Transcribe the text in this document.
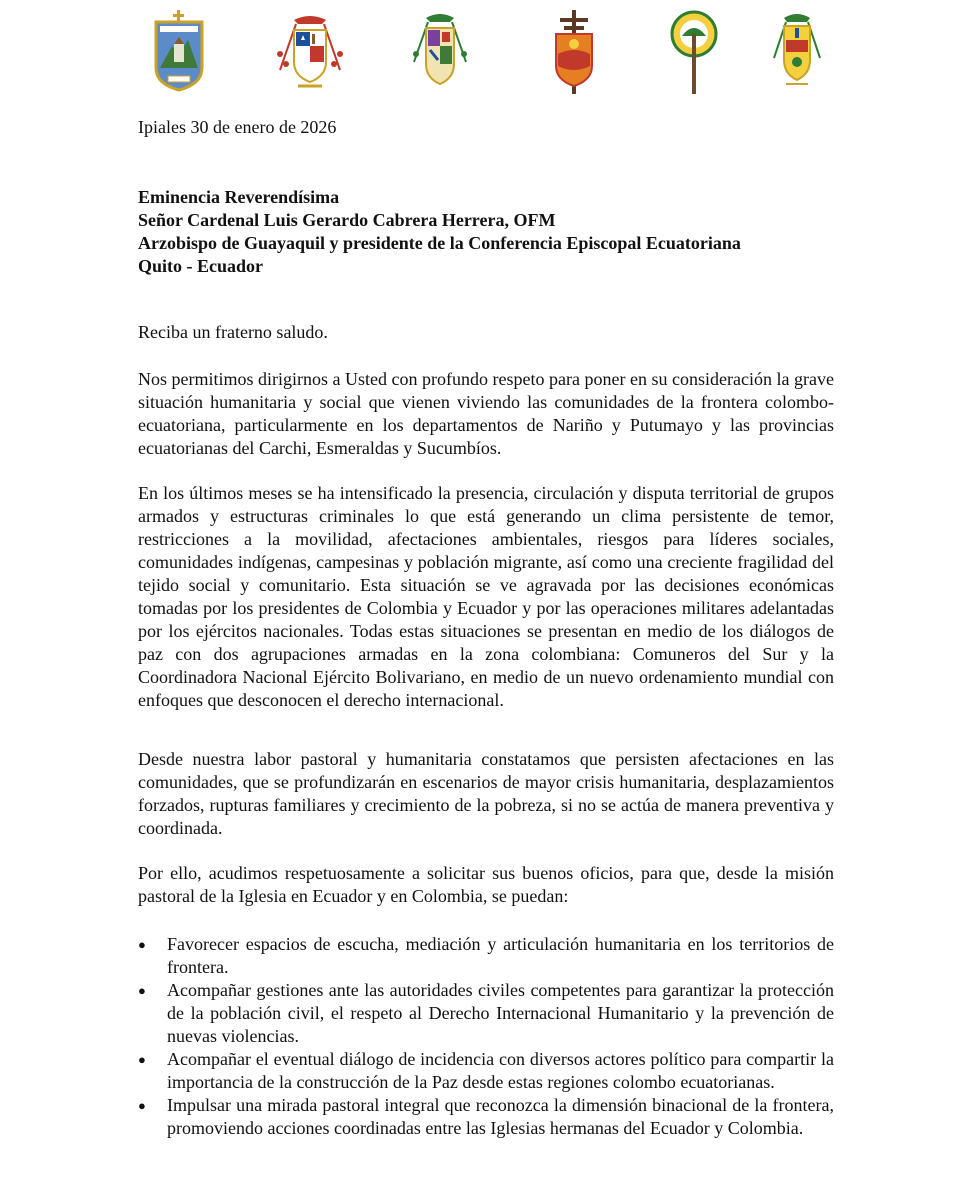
Ipiales 30 de enero de 2026
Eminencia Reverendísima
Señor Cardenal Luis Gerardo Cabrera Herrera, OFM
Arzobispo de Guayaquil y presidente de la Conferencia Episcopal Ecuatoriana
Quito - Ecuador
Reciba un fraterno saludo.
Nos permitimos dirigirnos a Usted con profundo respeto para poner en su consideración la grave situación humanitaria y social que vienen viviendo las comunidades de la frontera colombo-ecuatoriana, particularmente en los departamentos de Nariño y Putumayo y las provincias ecuatorianas del Carchi, Esmeraldas y Sucumbíos.
En los últimos meses se ha intensificado la presencia, circulación y disputa territorial de grupos armados y estructuras criminales lo que está generando un clima persistente de temor, restricciones a la movilidad, afectaciones ambientales, riesgos para líderes sociales, comunidades indígenas, campesinas y población migrante, así como una creciente fragilidad del tejido social y comunitario. Esta situación se ve agravada por las decisiones económicas tomadas por los presidentes de Colombia y Ecuador y por las operaciones militares adelantadas por los ejércitos nacionales. Todas estas situaciones se presentan en medio de los diálogos de paz con dos agrupaciones armadas en la zona colombiana: Comuneros del Sur y la Coordinadora Nacional Ejército Bolivariano, en medio de un nuevo ordenamiento mundial con enfoques que desconocen el derecho internacional.
Desde nuestra labor pastoral y humanitaria constatamos que persisten afectaciones en las comunidades, que se profundizarán en escenarios de mayor crisis humanitaria, desplazamientos forzados, rupturas familiares y crecimiento de la pobreza, si no se actúa de manera preventiva y coordinada.
Por ello, acudimos respetuosamente a solicitar sus buenos oficios, para que, desde la misión pastoral de la Iglesia en Ecuador y en Colombia, se puedan:
● Favorecer espacios de escucha, mediación y articulación humanitaria en los territorios de frontera.
● Acompañar gestiones ante las autoridades civiles competentes para garantizar la protección de la población civil, el respeto al Derecho Internacional Humanitario y la prevención de nuevas violencias.
● Acompañar el eventual diálogo de incidencia con diversos actores político para compartir la importancia de la construcción de la Paz desde estas regiones colombo ecuatorianas.
● Impulsar una mirada pastoral integral que reconozca la dimensión binacional de la frontera, promoviendo acciones coordinadas entre las Iglesias hermanas del Ecuador y Colombia.
